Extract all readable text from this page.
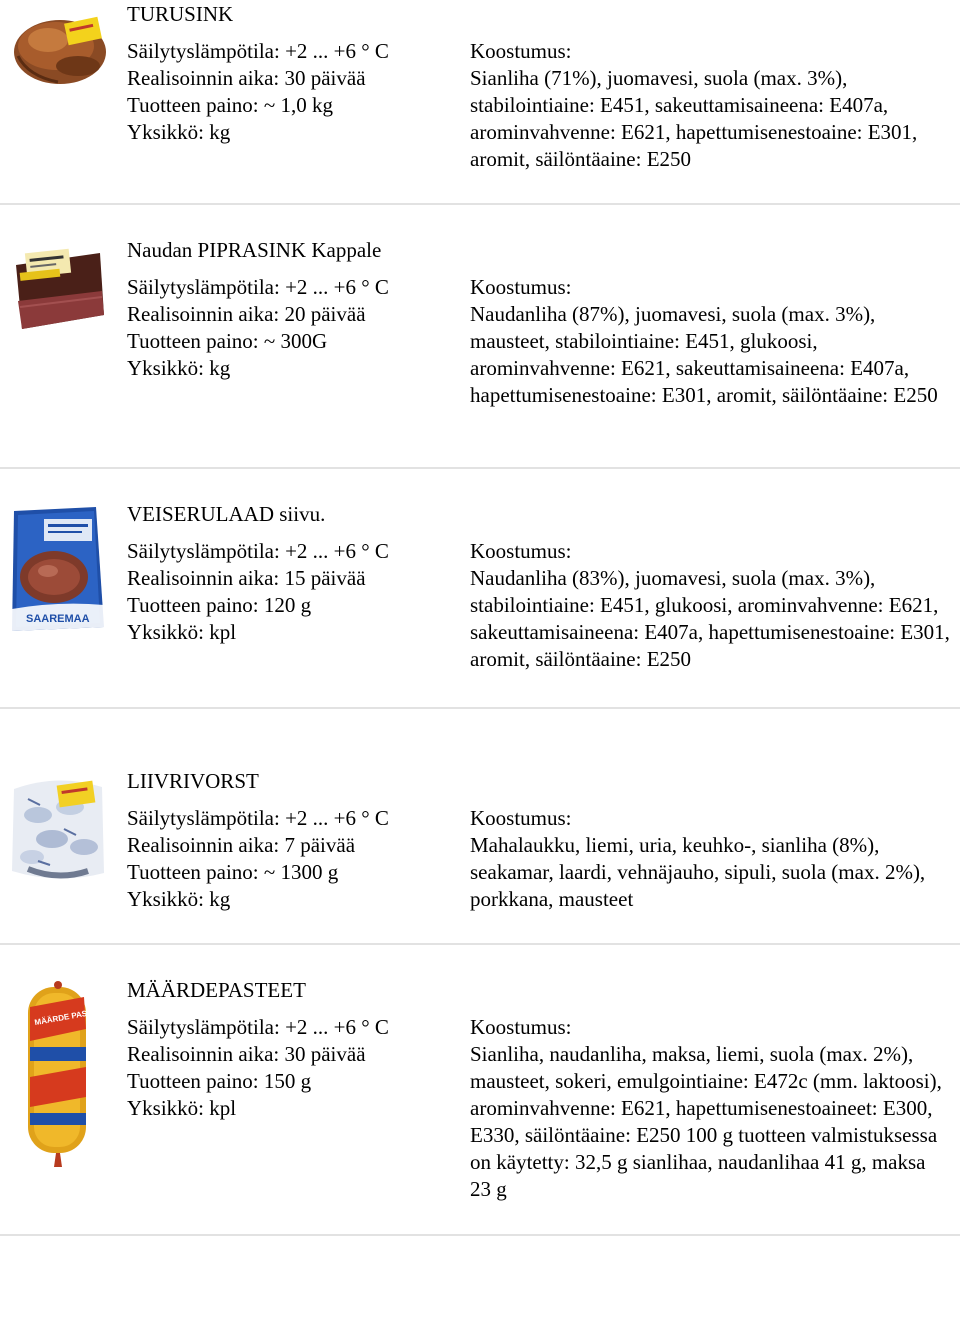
TURUSINK
Säilytyslämpötila: +2 ... +6 ° C
Realisoinnin aika: 30 päivää
Tuotteen paino: ~ 1,0 kg
Yksikkö: kg
Koostumus:
Sianliha (71%), juomavesi, suola (max. 3%), stabilointiaine: E451, sakeuttamisaineena: E407a, arominvahvenne: E621, hapettumisenestoaine: E301, aromit, säilöntäaine: E250
Naudan PIPRASINK Kappale
Säilytyslämpötila: +2 ... +6 ° C
Realisoinnin aika: 20 päivää
Tuotteen paino: ~ 300G
Yksikkö: kg
Koostumus:
Naudanliha (87%), juomavesi, suola (max. 3%), mausteet, stabilointiaine: E451, glukoosi, arominvahvenne: E621, sakeuttamisaineena: E407a, hapettumisenestoaine: E301, aromit, säilöntäaine: E250
SAAREMAA
VEISERULAAD siivu.
Säilytyslämpötila: +2 ... +6 ° C
Realisoinnin aika: 15 päivää
Tuotteen paino: 120 g
Yksikkö: kpl
Koostumus:
Naudanliha (83%), juomavesi, suola (max. 3%), stabilointiaine: E451, glukoosi, arominvahvenne: E621, sakeuttamisaineena: E407a, hapettumisenestoaine: E301, aromit, säilöntäaine: E250
LIIVRIVORST
Säilytyslämpötila: +2 ... +6 ° C
Realisoinnin aika: 7 päivää
Tuotteen paino: ~ 1300 g
Yksikkö: kg
Koostumus:
Mahalaukku, liemi, uria, keuhko-, sianliha (8%), seakamar, laardi, vehnäjauho, sipuli, suola (max. 2%), porkkana, mausteet
MÄÄRDE PASTEET
MÄÄRDEPASTEET
Säilytyslämpötila: +2 ... +6 ° C
Realisoinnin aika: 30 päivää
Tuotteen paino: 150 g
Yksikkö: kpl
Koostumus:
Sianliha, naudanliha, maksa, liemi, suola (max. 2%), mausteet, sokeri, emulgointiaine: E472c (mm. laktoosi), arominvahvenne: E621, hapettumisenestoaineet: E300, E330, säilöntäaine: E250 100 g tuotteen valmistuksessa on käytetty: 32,5 g sianlihaa, naudanlihaa 41 g, maksa 23 g
